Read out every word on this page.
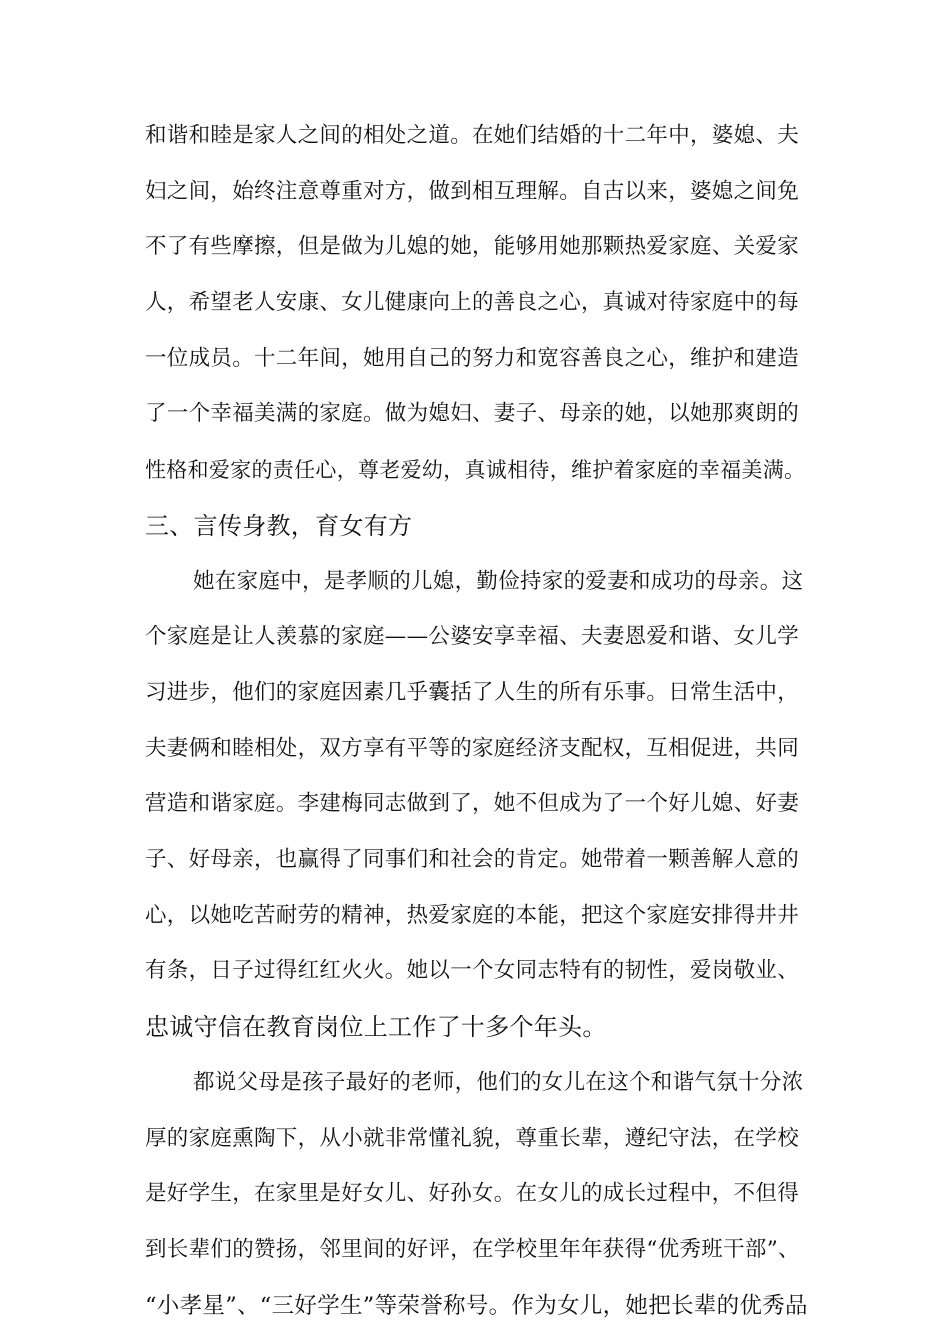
和谐和睦是家人之间的相处之道。在她们结婚的十二年中，婆媳、夫
妇之间，始终注意尊重对方，做到相互理解。自古以来，婆媳之间免
不了有些摩擦，但是做为儿媳的她，能够用她那颗热爱家庭、关爱家
人，希望老人安康、女儿健康向上的善良之心，真诚对待家庭中的每
一位成员。十二年间，她用自己的努力和宽容善良之心，维护和建造
了一个幸福美满的家庭。做为媳妇、妻子、母亲的她，以她那爽朗的
性格和爱家的责任心，尊老爱幼，真诚相待，维护着家庭的幸福美满。
三、言传身教，育女有方
她在家庭中，是孝顺的儿媳，勤俭持家的爱妻和成功的母亲。这
个家庭是让人羡慕的家庭——公婆安享幸福、夫妻恩爱和谐、女儿学
习进步，他们的家庭因素几乎囊括了人生的所有乐事。日常生活中，
夫妻俩和睦相处，双方享有平等的家庭经济支配权，互相促进，共同
营造和谐家庭。李建梅同志做到了，她不但成为了一个好儿媳、好妻
子、好母亲，也赢得了同事们和社会的肯定。她带着一颗善解人意的
心，以她吃苦耐劳的精神，热爱家庭的本能，把这个家庭安排得井井
有条，日子过得红红火火。她以一个女同志特有的韧性，爱岗敬业、
忠诚守信在教育岗位上工作了十多个年头。
都说父母是孩子最好的老师，他们的女儿在这个和谐气氛十分浓
厚的家庭熏陶下，从小就非常懂礼貌，尊重长辈，遵纪守法，在学校
是好学生，在家里是好女儿、好孙女。在女儿的成长过程中，不但得
到长辈们的赞扬，邻里间的好评，在学校里年年获得“优秀班干部”、
“小孝星”、“三好学生”等荣誉称号。作为女儿，她把长辈的优秀品
